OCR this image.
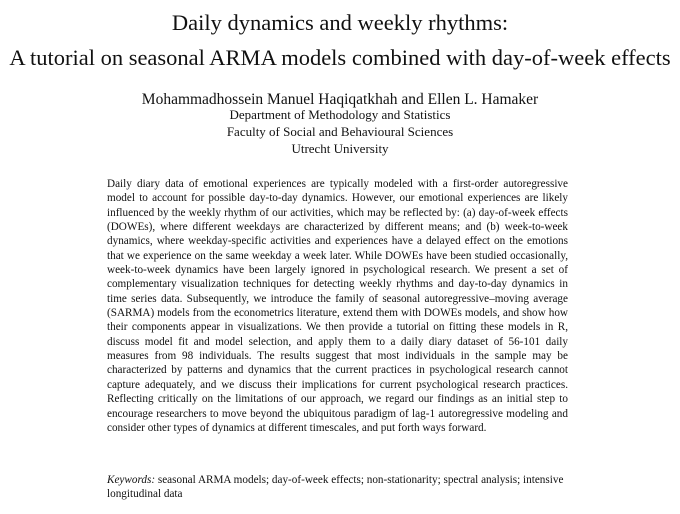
Daily dynamics and weekly rhythms:
A tutorial on seasonal ARMA models combined with day-of-week effects
Mohammadhossein Manuel Haqiqatkhah and Ellen L. Hamaker
Department of Methodology and Statistics
Faculty of Social and Behavioural Sciences
Utrecht University
Daily diary data of emotional experiences are typically modeled with a first-order autoregressive model to account for possible day-to-day dynamics. However, our emotional experiences are likely influenced by the weekly rhythm of our activities, which may be reflected by: (a) day-of-week effects (DOWEs), where different weekdays are characterized by different means; and (b) week-to-week dynamics, where weekday-specific activities and experiences have a delayed effect on the emotions that we experience on the same weekday a week later. While DOWEs have been studied occasionally, week-to-week dynamics have been largely ignored in psychological research. We present a set of complementary visualization techniques for detecting weekly rhythms and day-to-day dynamics in time series data. Subsequently, we introduce the family of seasonal autoregressive–moving average (SARMA) models from the econometrics literature, extend them with DOWEs models, and show how their components appear in visualizations. We then provide a tutorial on fitting these models in R, discuss model fit and model selection, and apply them to a daily diary dataset of 56-101 daily measures from 98 individuals. The results suggest that most individuals in the sample may be characterized by patterns and dynamics that the current practices in psychological research cannot capture adequately, and we discuss their implications for current psychological research practices. Reflecting critically on the limitations of our approach, we regard our findings as an initial step to encourage researchers to move beyond the ubiquitous paradigm of lag-1 autoregressive modeling and consider other types of dynamics at different timescales, and put forth ways forward.
Keywords: seasonal ARMA models; day-of-week effects; non-stationarity; spectral analysis; intensive longitudinal data
